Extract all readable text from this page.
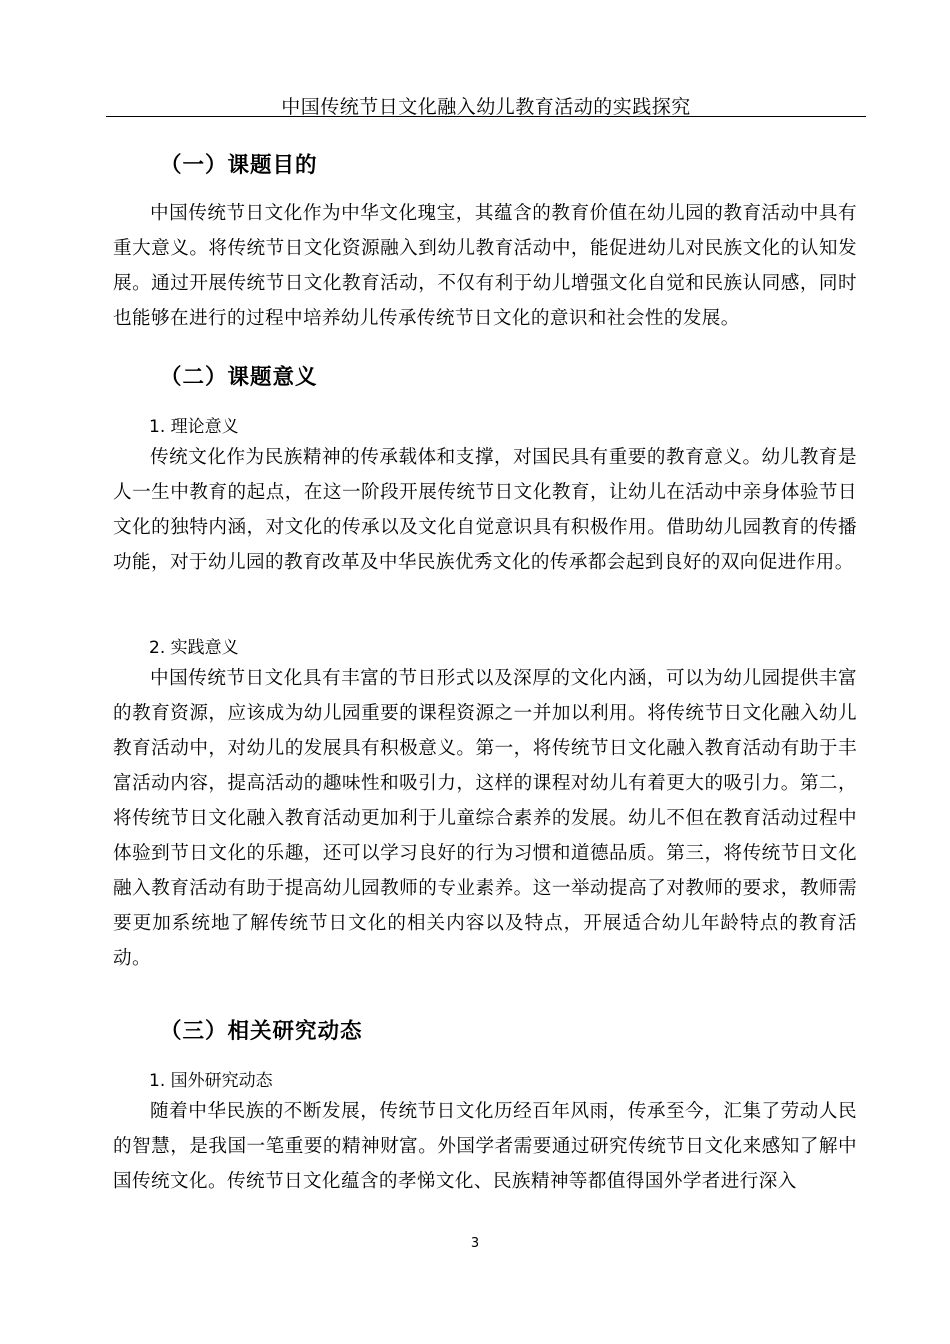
中国传统节日文化融入幼儿教育活动的实践探究
（一）课题目的

中国传统节日文化作为中华文化瑰宝，其蕴含的教育价值在幼儿园的教育活动中具有重大意义。将传统节日文化资源融入到幼儿教育活动中，能促进幼儿对民族文化的认知发展。通过开展传统节日文化教育活动，不仅有利于幼儿增强文化自觉和民族认同感，同时也能够在进行的过程中培养幼儿传承传统节日文化的意识和社会性的发展。

（二）课题意义
1. 理论意义

传统文化作为民族精神的传承载体和支撑，对国民具有重要的教育意义。幼儿教育是人一生中教育的起点，在这一阶段开展传统节日文化教育，让幼儿在活动中亲身体验节日文化的独特内涵，对文化的传承以及文化自觉意识具有积极作用。借助幼儿园教育的传播功能，对于幼儿园的教育改革及中华民族优秀文化的传承都会起到良好的双向促进作用。

2. 实践意义

中国传统节日文化具有丰富的节日形式以及深厚的文化内涵，可以为幼儿园提供丰富的教育资源，应该成为幼儿园重要的课程资源之一并加以利用。将传统节日文化融入幼儿教育活动中，对幼儿的发展具有积极意义。第一，将传统节日文化融入教育活动有助于丰富活动内容，提高活动的趣味性和吸引力，这样的课程对幼儿有着更大的吸引力。第二，将传统节日文化融入教育活动更加利于儿童综合素养的发展。幼儿不但在教育活动过程中体验到节日文化的乐趣，还可以学习良好的行为习惯和道德品质。第三，将传统节日文化融入教育活动有助于提高幼儿园教师的专业素养。这一举动提高了对教师的要求，教师需要更加系统地了解传统节日文化的相关内容以及特点，开展适合幼儿年龄特点的教育活动。

（三）相关研究动态
1. 国外研究动态

随着中华民族的不断发展，传统节日文化历经百年风雨，传承至今，汇集了劳动人民的智慧，是我国一笔重要的精神财富。外国学者需要通过研究传统节日文化来感知了解中国传统文化。传统节日文化蕴含的孝悌文化、民族精神等都值得国外学者进行深入

3
